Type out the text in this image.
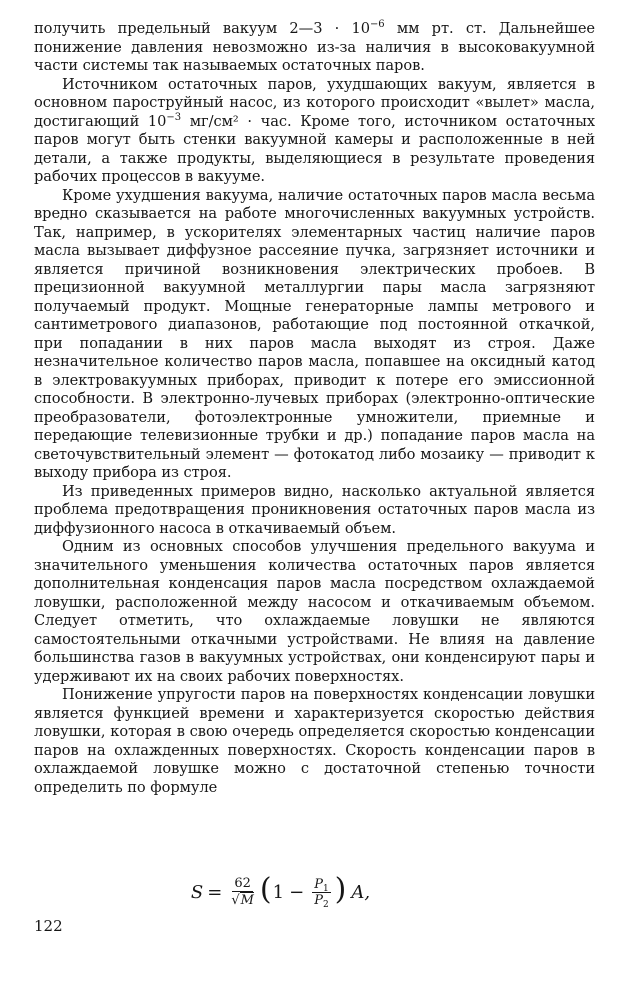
получить предельный вакуум 2—3 · $10^{-6}$ мм рт. ст. Дальнейшее понижение давления невозможно из-за наличия в высоковакуумной части системы так называемых остаточных паров.

Источником остаточных паров, ухудшающих вакуум, является в основном пароструйный насос, из которого происходит «вылет» масла, достигающий $10^{-3}$ мг/см² · час. Кроме того, источником остаточных паров могут быть стенки вакуумной камеры и расположенные в ней детали, а также продукты, выделяющиеся в результате проведения рабочих процессов в вакууме.

Кроме ухудшения вакуума, наличие остаточных паров масла весьма вредно сказывается на работе многочисленных вакуумных устройств. Так, например, в ускорителях элементарных частиц наличие паров масла вызывает диффузное рассеяние пучка, загрязняет источники и является причиной возникновения электрических пробоев. В прецизионной вакуумной металлургии пары масла загрязняют получаемый продукт. Мощные генераторные лампы метрового и сантиметрового диапазонов, работающие под постоянной откачкой, при попадании в них паров масла выходят из строя. Даже незначительное количество паров масла, попавшее на оксидный катод в электровакуумных приборах, приводит к потере его эмиссионной способности. В электронно-лучевых приборах (электронно-оптические преобразователи, фотоэлектронные умножители, приемные и передающие телевизионные трубки и др.) попадание паров масла на светочувствительный элемент — фотокатод либо мозаику — приводит к выходу прибора из строя.

Из приведенных примеров видно, насколько актуальной является проблема предотвращения проникновения остаточных паров масла из диффузионного насоса в откачиваемый объем.

Одним из основных способов улучшения предельного вакуума и значительного уменьшения количества остаточных паров является дополнительная конденсация паров масла посредством охлаждаемой ловушки, расположенной между насосом и откачиваемым объемом. Следует отметить, что охлаждаемые ловушки не являются самостоятельными откачными устройствами. Не влияя на давление большинства газов в вакуумных устройствах, они конденсируют пары и удерживают их на своих рабочих поверхностях.

Понижение упругости паров на поверхностях конденсации ловушки является функцией времени и характеризуется скоростью действия ловушки, которая в свою очередь определяется скоростью конденсации паров на охлажденных поверхностях. Скорость конденсации паров в охлаждаемой ловушке можно с достаточной степенью точности определить по формуле

$S = \frac{62}{√M}$ ( $1 - \frac{P_1}{P_2}$ ) A,
122
